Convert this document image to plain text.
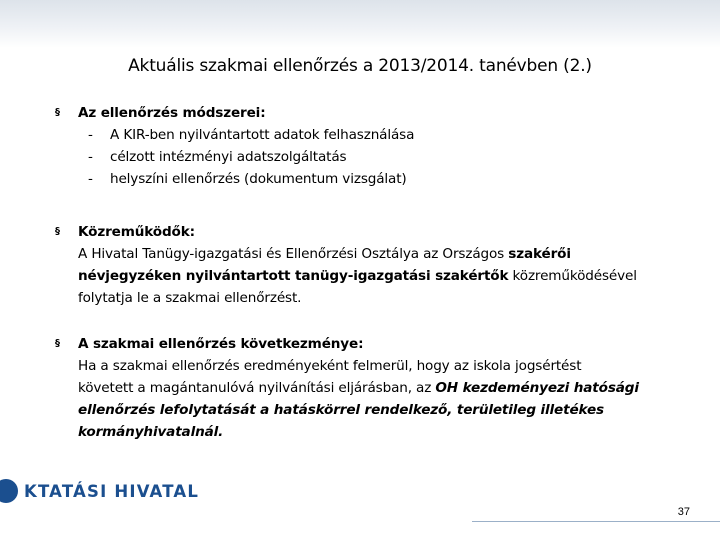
Aktuális szakmai ellenőrzés a 2013/2014. tanévben (2.)
§ Az ellenőrzés módszerei:
- A KIR-ben nyilvántartott adatok felhasználása
- célzott intézményi adatszolgáltatás
- helyszíni ellenőrzés (dokumentum vizsgálat)
§ Közreműködők:
A Hivatal Tanügy-igazgatási és Ellenőrzési Osztálya az Országos szakérői
névjegyzéken nyilvántartott tanügy-igazgatási szakértők közreműködésével
folytatja le a szakmai ellenőrzést.
§ A szakmai ellenőrzés következménye:
Ha a szakmai ellenőrzés eredményeként felmerül, hogy az iskola jogsértést
követett a magántanulóvá nyilvánítási eljárásban, az OH kezdeményezi hatósági
ellenőrzés lefolytatását a hatáskörrel rendelkező, területileg illetékes
kormányhivatalnál.
KTATÁSI HIVATAL
37
